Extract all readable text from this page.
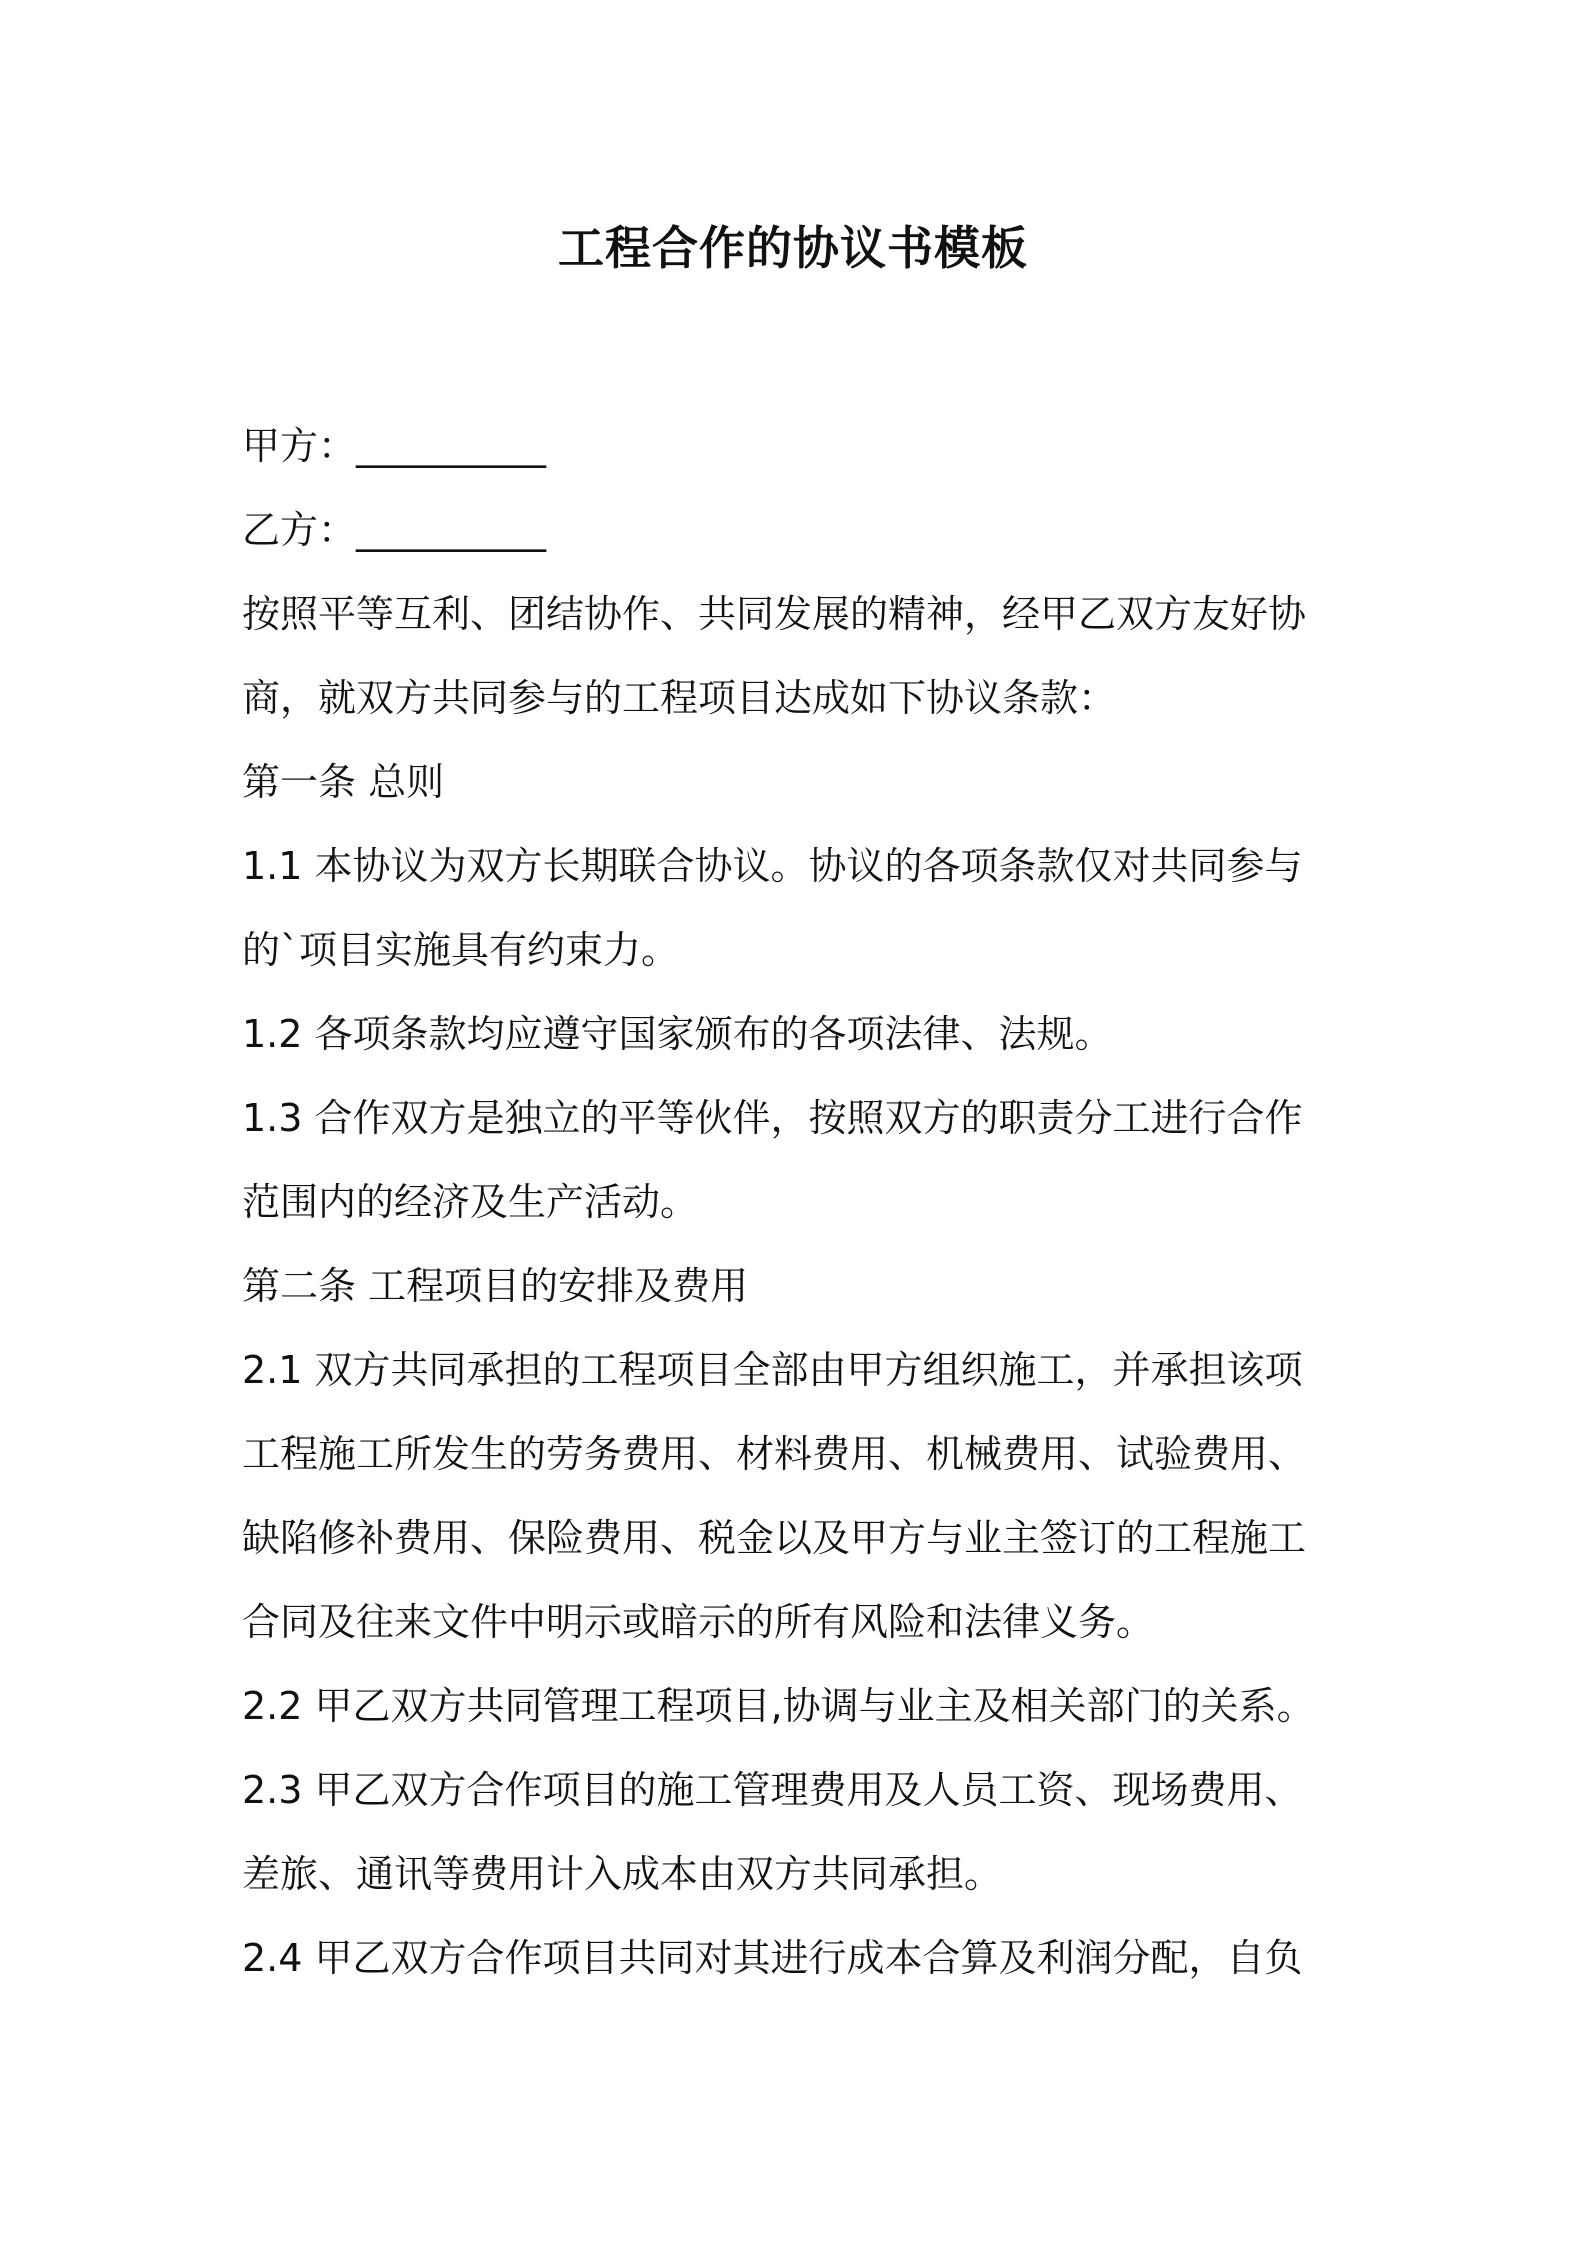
工程合作的协议书模板
甲方：__________
乙方：__________
按照平等互利、团结协作、共同发展的精神，经甲乙双方友好协
商，就双方共同参与的工程项目达成如下协议条款：
第一条 总则
1.1 本协议为双方长期联合协议。协议的各项条款仅对共同参与
的`项目实施具有约束力。
1.2 各项条款均应遵守国家颁布的各项法律、法规。
1.3 合作双方是独立的平等伙伴，按照双方的职责分工进行合作
范围内的经济及生产活动。
第二条 工程项目的安排及费用
2.1 双方共同承担的工程项目全部由甲方组织施工，并承担该项
工程施工所发生的劳务费用、材料费用、机械费用、试验费用、
缺陷修补费用、保险费用、税金以及甲方与业主签订的工程施工
合同及往来文件中明示或暗示的所有风险和法律义务。
2.2 甲乙双方共同管理工程项目,协调与业主及相关部门的关系。
2.3 甲乙双方合作项目的施工管理费用及人员工资、现场费用、
差旅、通讯等费用计入成本由双方共同承担。
2.4 甲乙双方合作项目共同对其进行成本合算及利润分配，自负
